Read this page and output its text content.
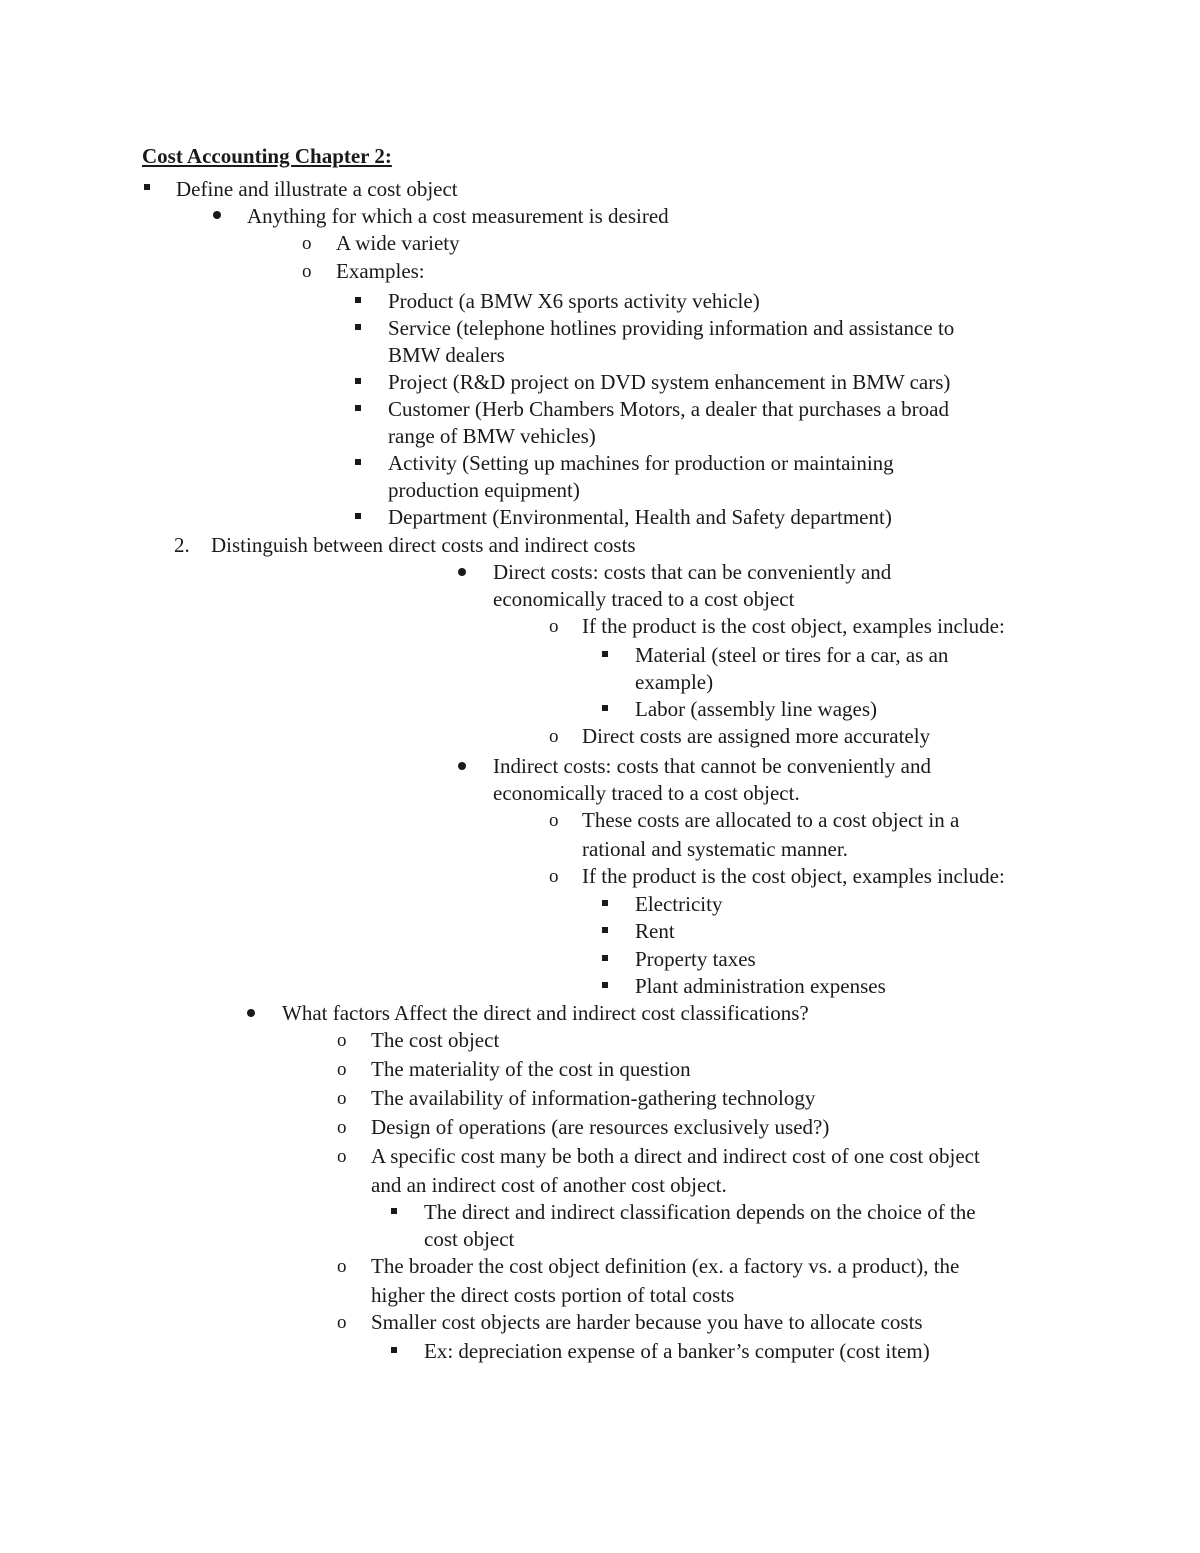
Cost Accounting Chapter 2:
Define and illustrate a cost object
Anything for which a cost measurement is desired
o A wide variety
o Examples:
Product (a BMW X6 sports activity vehicle)
Service (telephone hotlines providing information and assistance to
BMW dealers
Project (R&D project on DVD system enhancement in BMW cars)
Customer (Herb Chambers Motors, a dealer that purchases a broad
range of BMW vehicles)
Activity (Setting up machines for production or maintaining
production equipment)
Department (Environmental, Health and Safety department)
2. Distinguish between direct costs and indirect costs
Direct costs: costs that can be conveniently and
economically traced to a cost object
o If the product is the cost object, examples include:
Material (steel or tires for a car, as an
example)
Labor (assembly line wages)
o Direct costs are assigned more accurately
Indirect costs: costs that cannot be conveniently and
economically traced to a cost object.
o These costs are allocated to a cost object in a
rational and systematic manner.
o If the product is the cost object, examples include:
Electricity
Rent
Property taxes
Plant administration expenses
What factors Affect the direct and indirect cost classifications?
o The cost object
o The materiality of the cost in question
o The availability of information-gathering technology
o Design of operations (are resources exclusively used?)
o A specific cost many be both a direct and indirect cost of one cost object
and an indirect cost of another cost object.
The direct and indirect classification depends on the choice of the
cost object
o The broader the cost object definition (ex. a factory vs. a product), the
higher the direct costs portion of total costs
o Smaller cost objects are harder because you have to allocate costs
Ex: depreciation expense of a banker’s computer (cost item)
